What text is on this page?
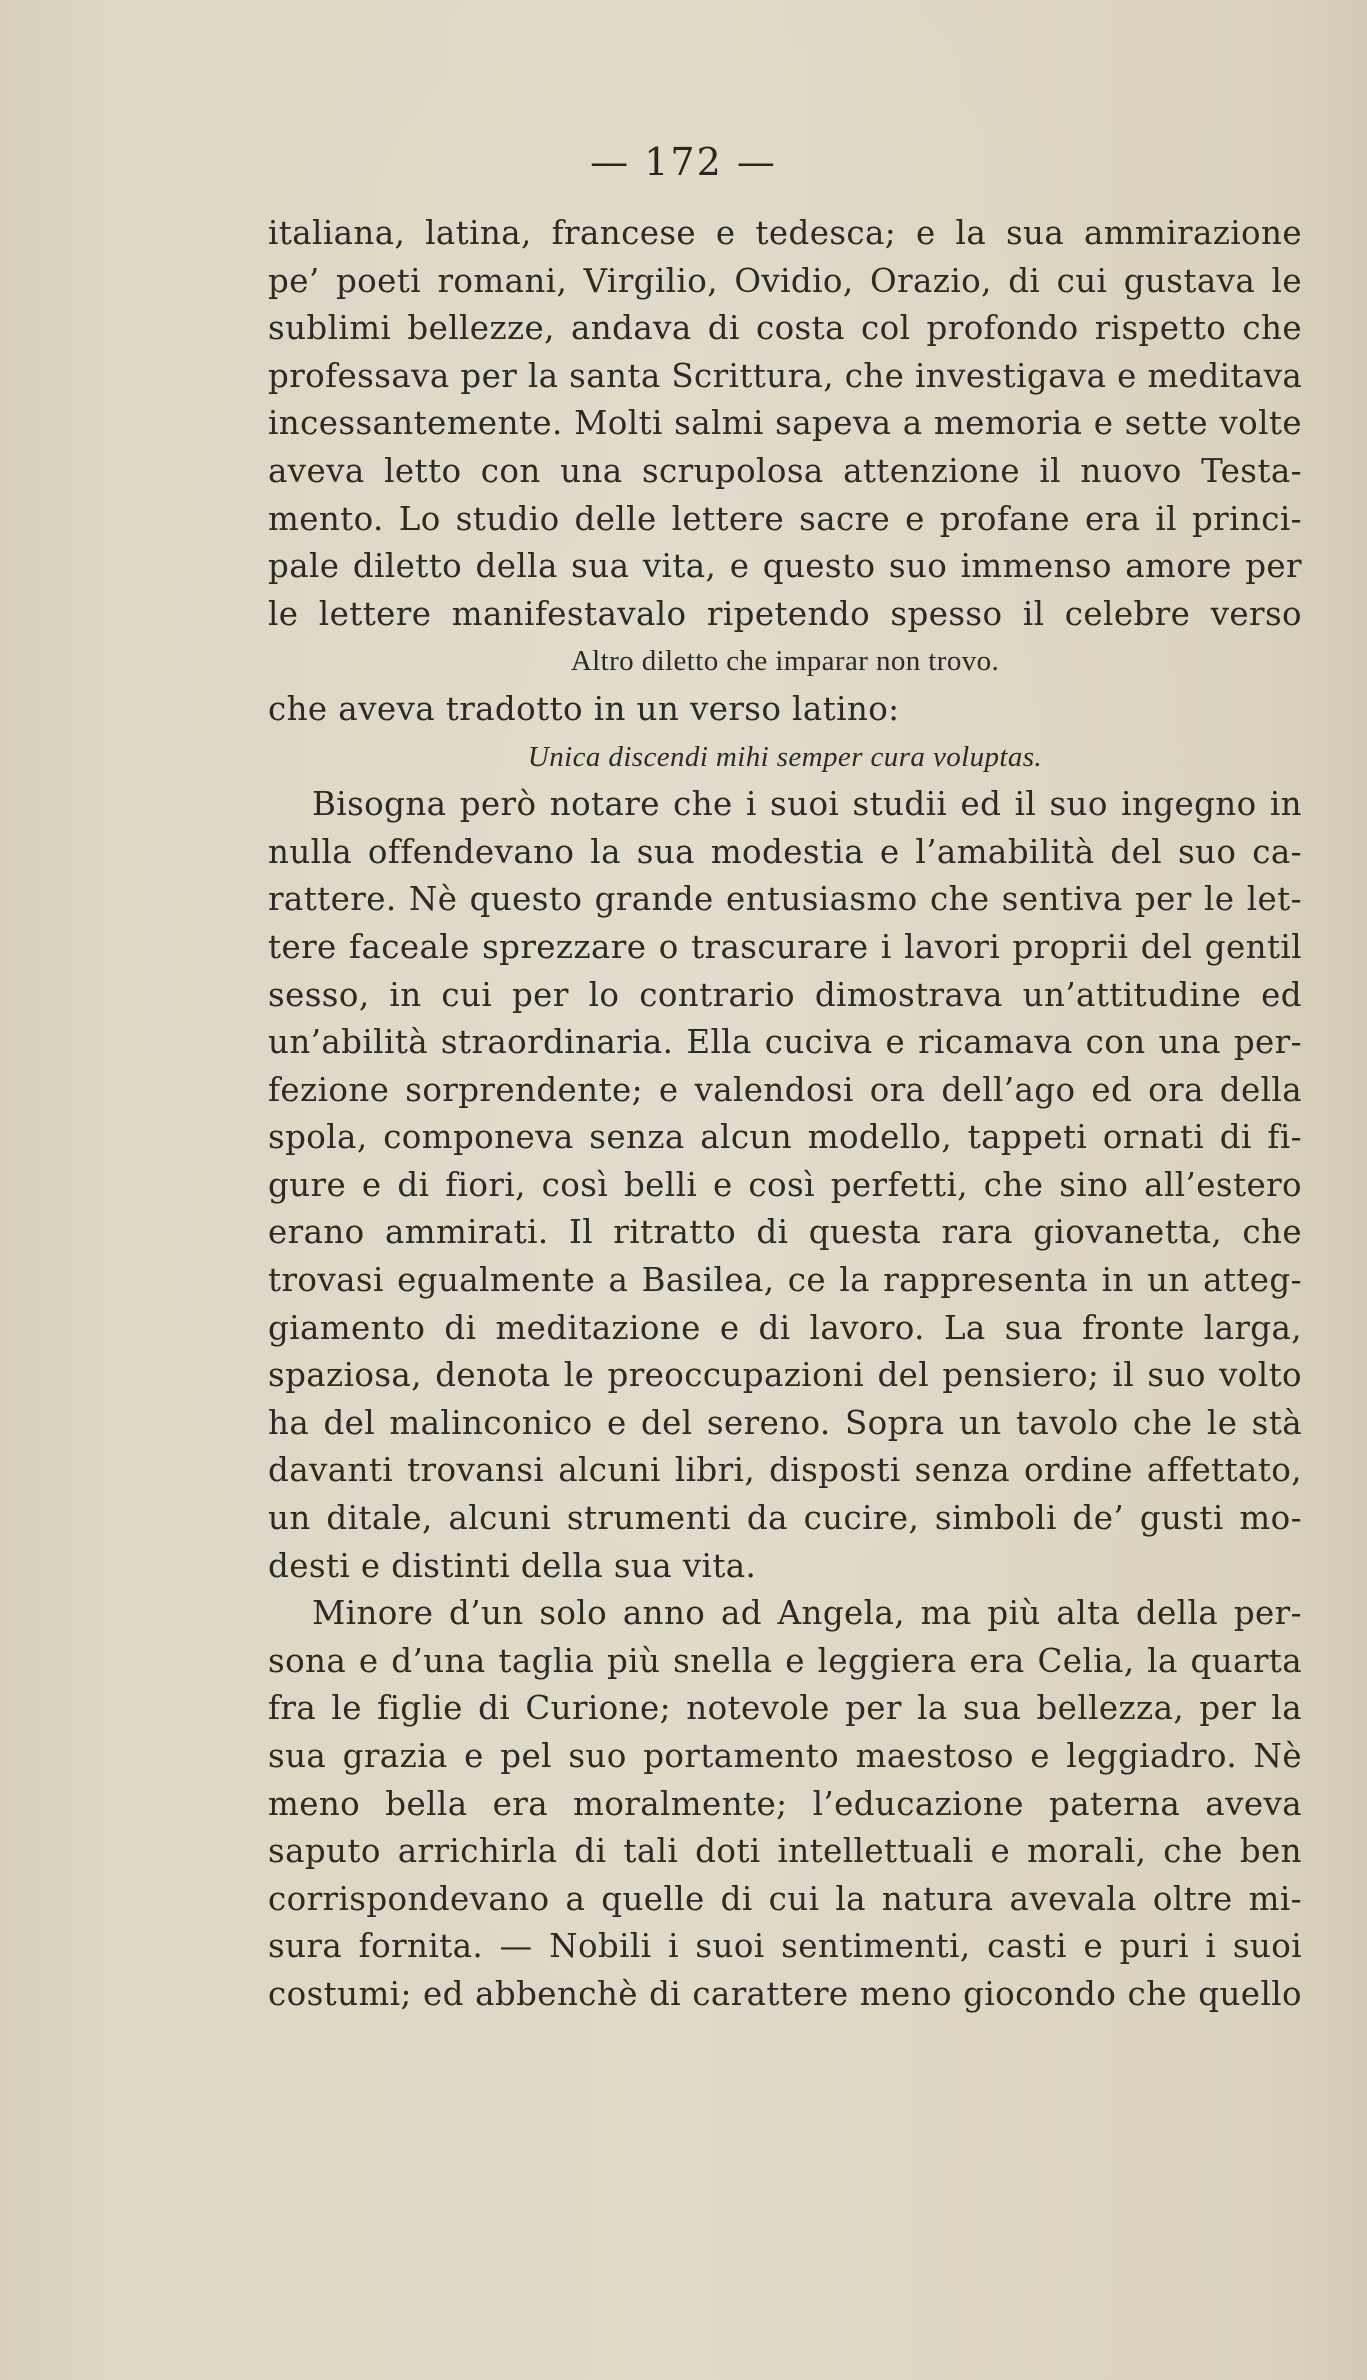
— 172 —
italiana, latina, francese e tedesca; e la sua ammirazione
pe’ poeti romani, Virgilio, Ovidio, Orazio, di cui gustava le
sublimi bellezze, andava di costa col profondo rispetto che
professava per la santa Scrittura, che investigava e meditava
incessantemente. Molti salmi sapeva a memoria e sette volte
aveva letto con una scrupolosa attenzione il nuovo Testa-
mento. Lo studio delle lettere sacre e profane era il princi-
pale diletto della sua vita, e questo suo immenso amore per
le lettere manifestavalo ripetendo spesso il celebre verso
Altro diletto che imparar non trovo.
che aveva tradotto in un verso latino:
Unica discendi mihi semper cura voluptas.
Bisogna però notare che i suoi studii ed il suo ingegno in
nulla offendevano la sua modestia e l’amabilità del suo ca-
rattere. Nè questo grande entusiasmo che sentiva per le let-
tere faceale sprezzare o trascurare i lavori proprii del gentil
sesso, in cui per lo contrario dimostrava un’attitudine ed
un’abilità straordinaria. Ella cuciva e ricamava con una per-
fezione sorprendente; e valendosi ora dell’ago ed ora della
spola, componeva senza alcun modello, tappeti ornati di fi-
gure e di fiori, così belli e così perfetti, che sino all’estero
erano ammirati. Il ritratto di questa rara giovanetta, che
trovasi egualmente a Basilea, ce la rappresenta in un atteg-
giamento di meditazione e di lavoro. La sua fronte larga,
spaziosa, denota le preoccupazioni del pensiero; il suo volto
ha del malinconico e del sereno. Sopra un tavolo che le stà
davanti trovansi alcuni libri, disposti senza ordine affettato,
un ditale, alcuni strumenti da cucire, simboli de’ gusti mo-
desti e distinti della sua vita.
Minore d’un solo anno ad Angela, ma più alta della per-
sona e d’una taglia più snella e leggiera era Celia, la quarta
fra le figlie di Curione; notevole per la sua bellezza, per la
sua grazia e pel suo portamento maestoso e leggiadro. Nè
meno bella era moralmente; l’educazione paterna aveva
saputo arrichirla di tali doti intellettuali e morali, che ben
corrispondevano a quelle di cui la natura avevala oltre mi-
sura fornita. — Nobili i suoi sentimenti, casti e puri i suoi
costumi; ed abbenchè di carattere meno giocondo che quello
